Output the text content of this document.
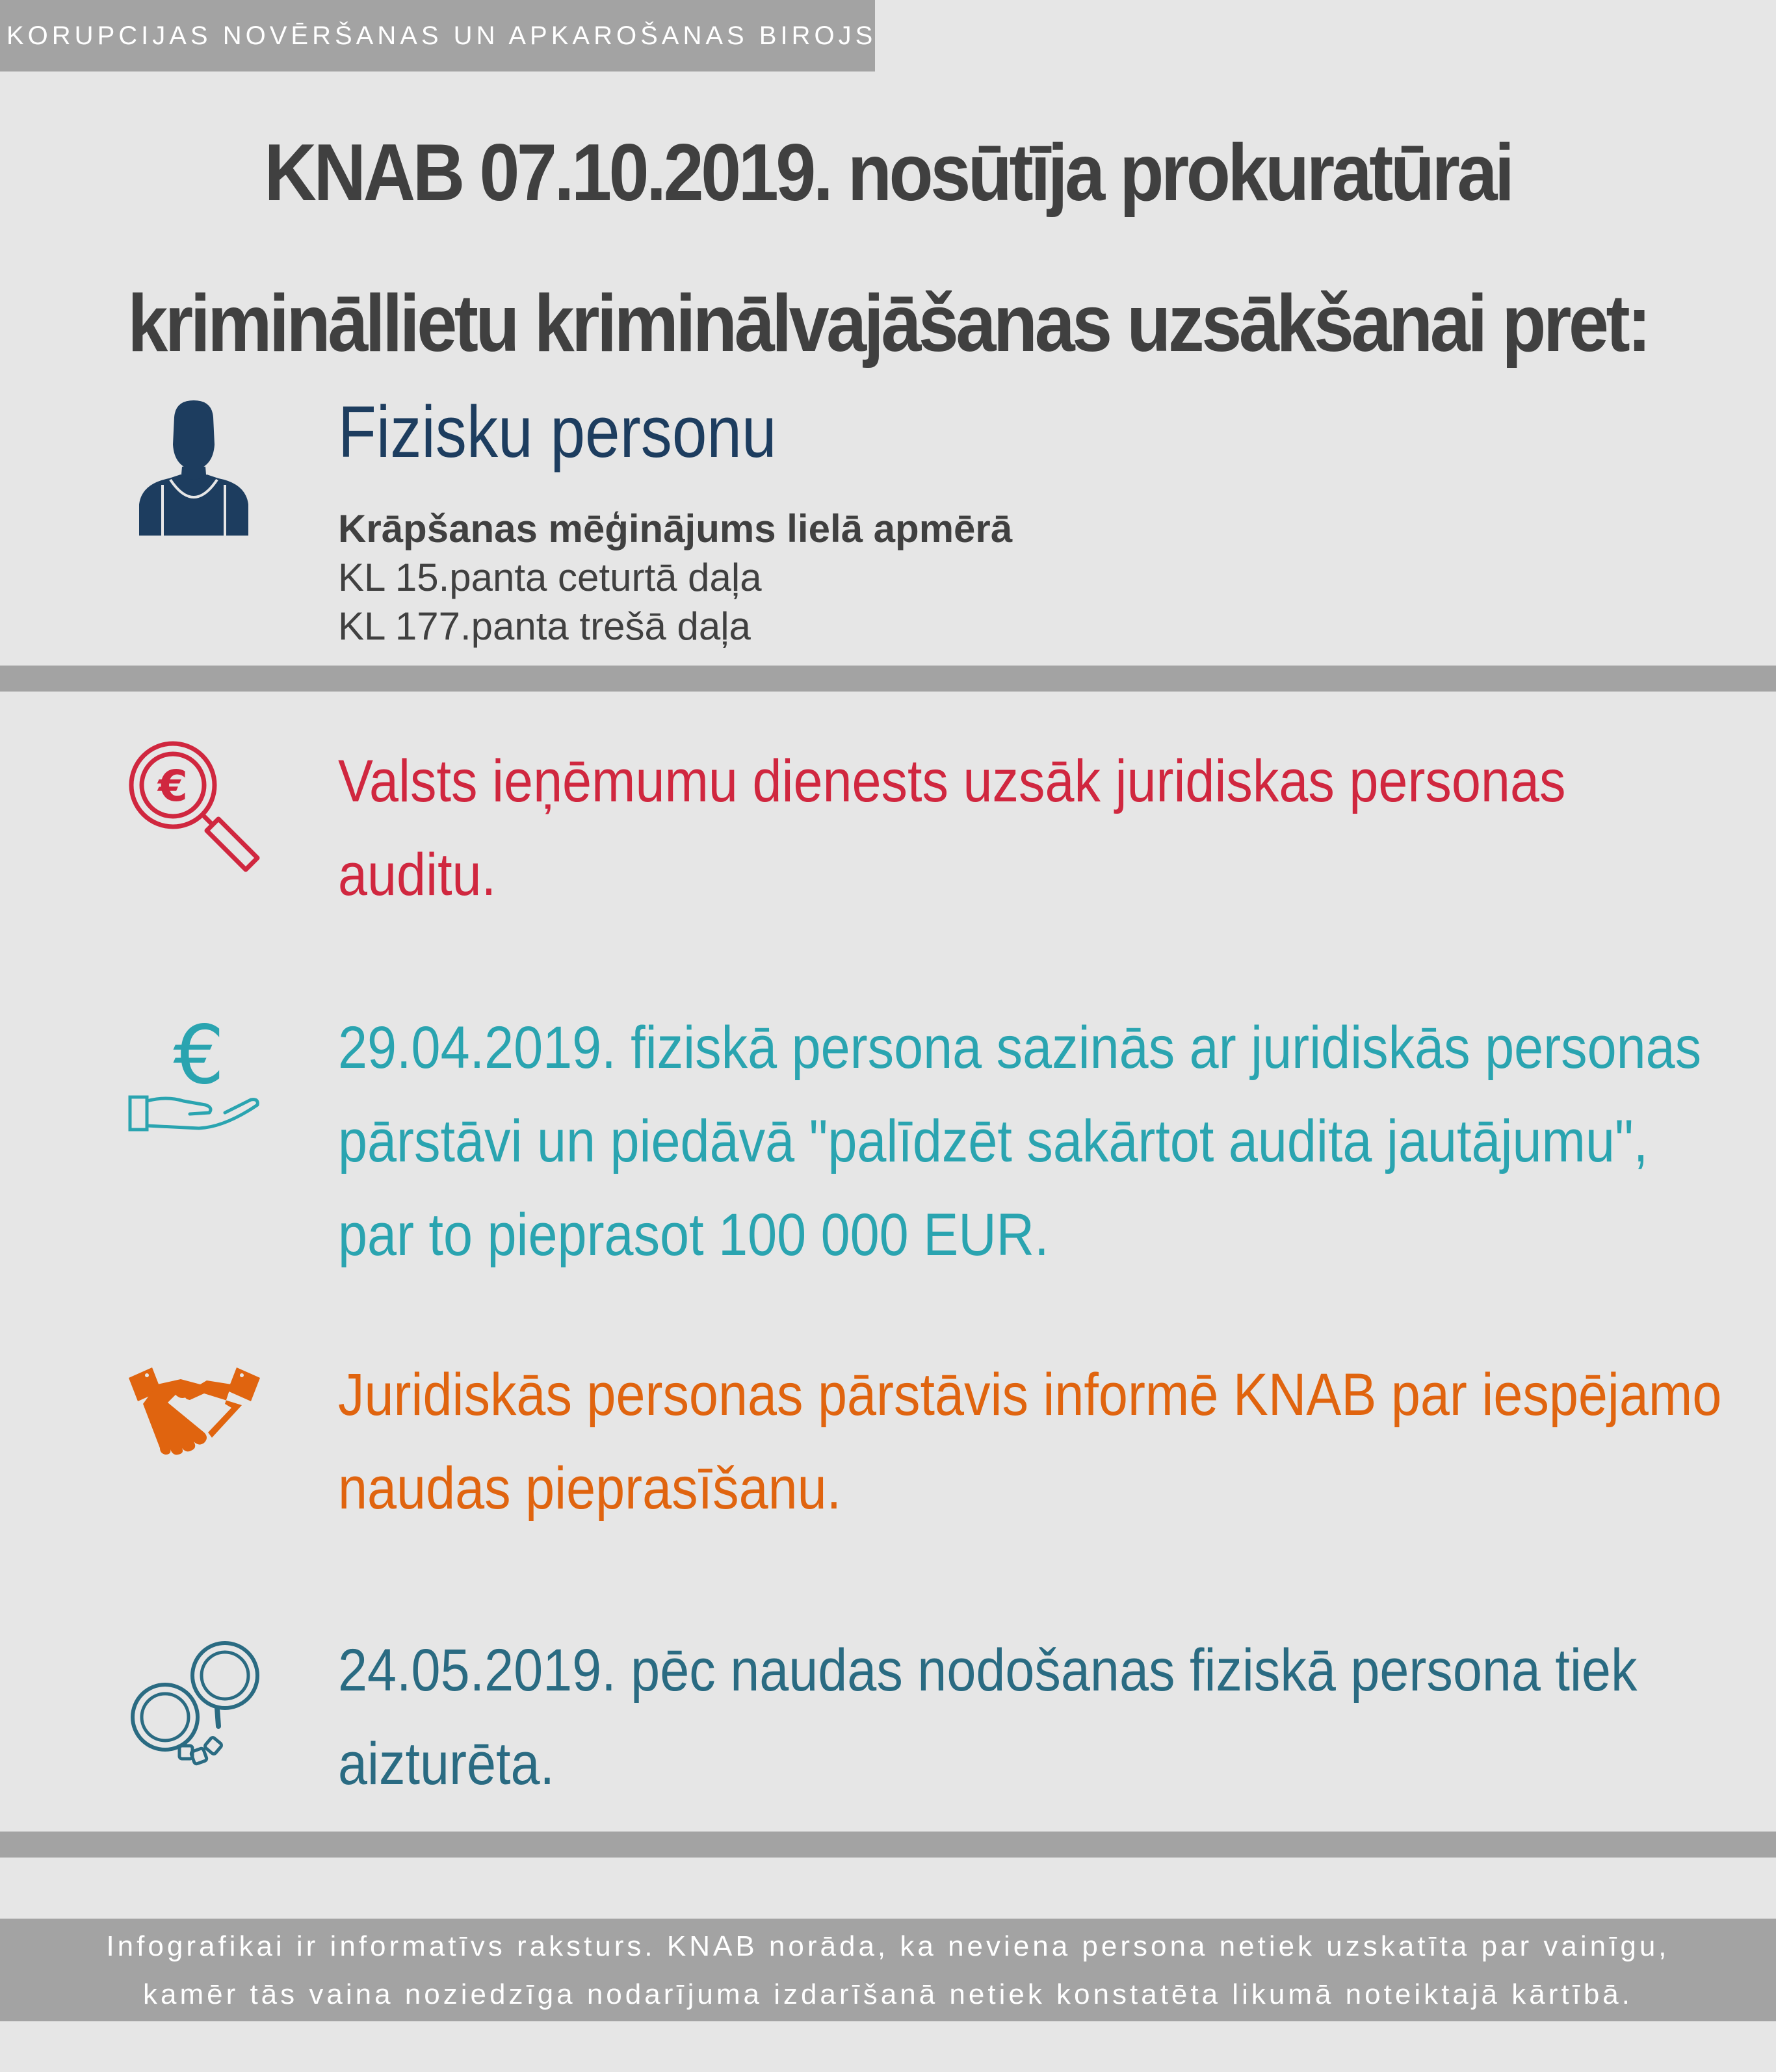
KORUPCIJAS NOVĒRŠANAS UN APKAROŠANAS BIROJS
KNAB 07.10.2019. nosūtīja prokuratūrai
krimināllietu kriminālvajāšanas uzsākšanai pret:
Fizisku personu
Krāpšanas mēģinājums lielā apmērā
KL 15.panta ceturtā daļa
KL 177.panta trešā daļa
€	Valsts ieņēmumu dienests uzsāk juridiskas personas
auditu.
€ 29.04.2019. fiziskā persona sazinās ar juridiskās personas
pārstāvi un piedāvā "palīdzēt sakārtot audita jautājumu",
par to pieprasot 100 000 EUR.
Juridiskās personas pārstāvis informē KNAB par iespējamo
naudas pieprasīšanu.
24.05.2019. pēc naudas nodošanas fiziskā persona tiek
aizturēta.
Infografikai ir informatīvs raksturs. KNAB norāda, ka neviena persona netiek uzskatīta par vainīgu,
kamēr tās vaina noziedzīga nodarījuma izdarīšanā netiek konstatēta likumā noteiktajā kārtībā.
